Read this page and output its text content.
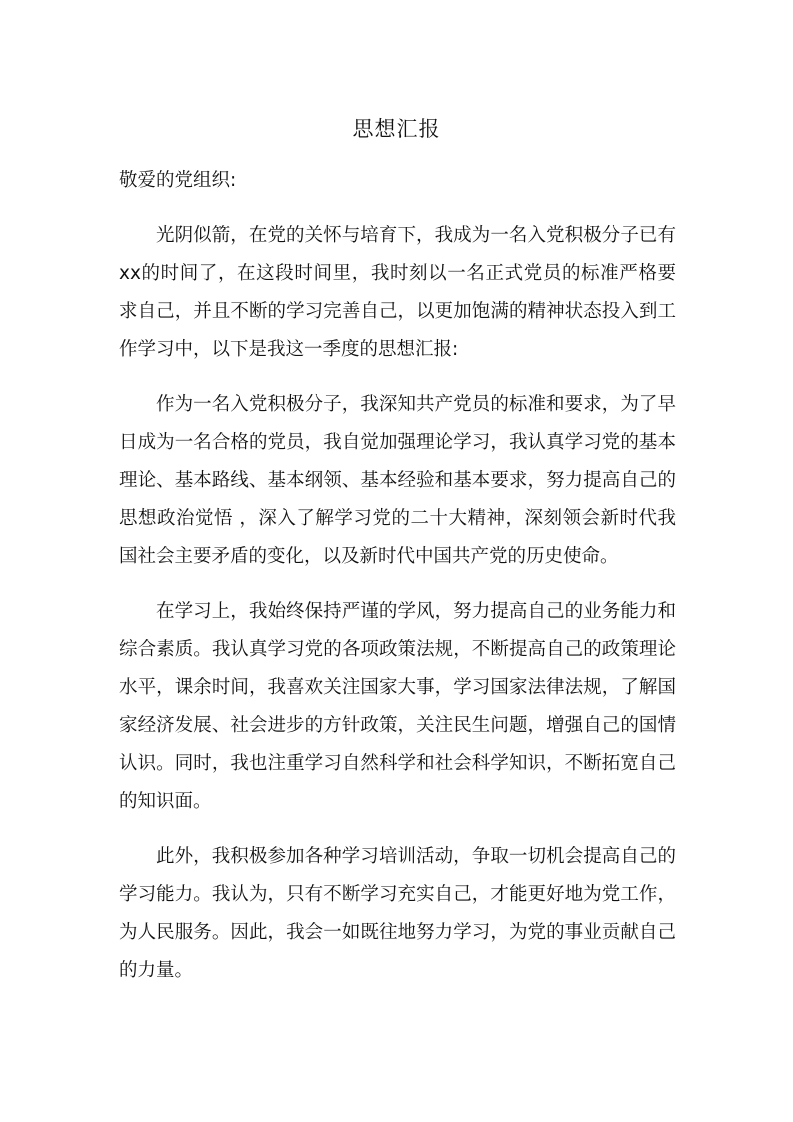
思想汇报

敬爱的党组织:

光阴似箭，在党的关怀与培育下，我成为一名入党积极分子已有xx的时间了，在这段时间里，我时刻以一名正式党员的标准严格要求自己，并且不断的学习完善自己，以更加饱满的精神状态投入到工作学习中，以下是我这一季度的思想汇报:

作为一名入党积极分子，我深知共产党员的标准和要求，为了早日成为一名合格的党员，我自觉加强理论学习，我认真学习党的基本理论、基本路线、基本纲领、基本经验和基本要求，努力提高自己的思想政治觉悟 ，深入了解学习党的二十大精神，深刻领会新时代我国社会主要矛盾的变化，以及新时代中国共产党的历史使命。

在学习上，我始终保持严谨的学风，努力提高自己的业务能力和综合素质。我认真学习党的各项政策法规，不断提高自己的政策理论水平，课余时间，我喜欢关注国家大事，学习国家法律法规，了解国家经济发展、社会进步的方针政策，关注民生问题，增强自己的国情认识。同时，我也注重学习自然科学和社会科学知识，不断拓宽自己的知识面。

此外，我积极参加各种学习培训活动，争取一切机会提高自己的学习能力。我认为，只有不断学习充实自己，才能更好地为党工作，为人民服务。因此，我会一如既往地努力学习，为党的事业贡献自己的力量。
